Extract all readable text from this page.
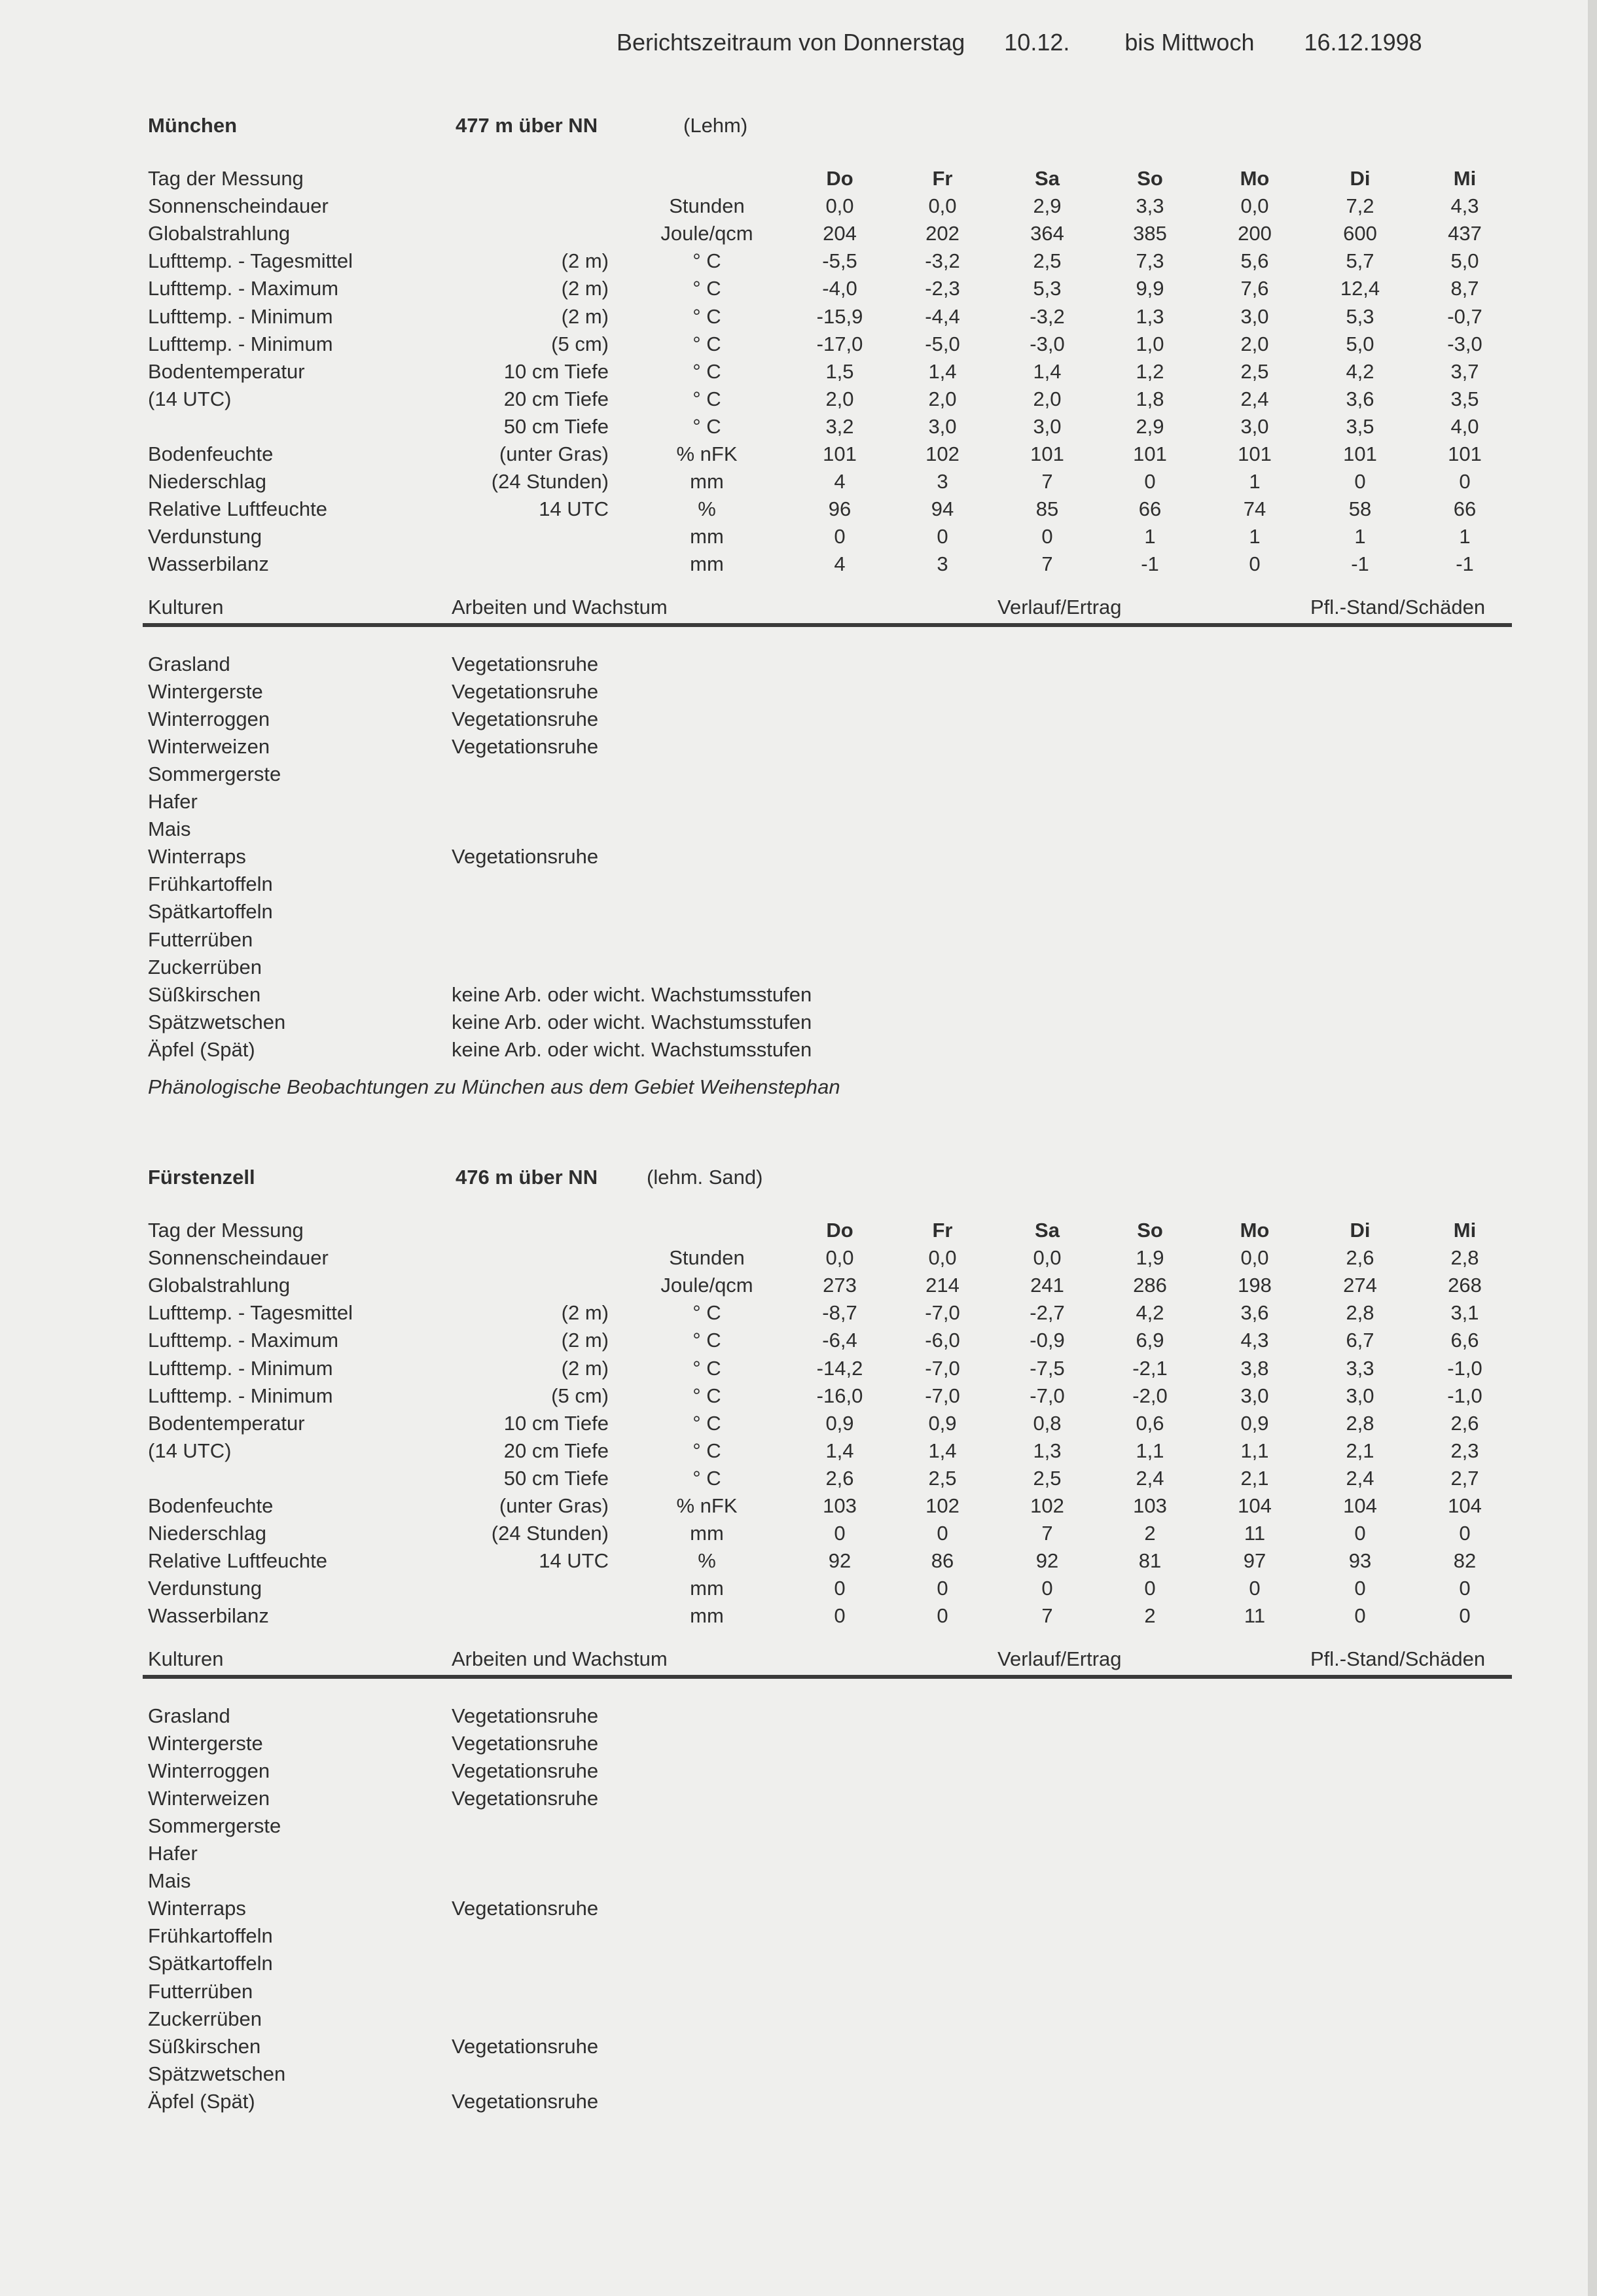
Berichtszeitraum von Donnerstag 10.12. bis Mittwoch 16.12.1998
München	477 m über NN	(Lehm)
Tag der Messung	Do	Fr	Sa	So	Mo	Di	Mi
Sonnenscheindauer	Stunden	0,0	0,0	2,9	3,3	0,0	7,2	4,3
Globalstrahlung	Joule/qcm	204	202	364	385	200	600	437
Lufttemp. - Tagesmittel	(2 m)	° C	-5,5	-3,2	2,5	7,3	5,6	5,7	5,0
Lufttemp. - Maximum	(2 m)	° C	-4,0	-2,3	5,3	9,9	7,6	12,4	8,7
Lufttemp. - Minimum	(2 m)	° C	-15,9	-4,4	-3,2	1,3	3,0	5,3	-0,7
Lufttemp. - Minimum	(5 cm)	° C	-17,0	-5,0	-3,0	1,0	2,0	5,0	-3,0
Bodentemperatur	10 cm Tiefe	° C	1,5	1,4	1,4	1,2	2,5	4,2	3,7
(14 UTC)	20 cm Tiefe	° C	2,0	2,0	2,0	1,8	2,4	3,6	3,5
50 cm Tiefe	° C	3,2	3,0	3,0	2,9	3,0	3,5	4,0
Bodenfeuchte	(unter Gras)	% nFK	101	102	101	101	101	101	101
Niederschlag	(24 Stunden)	mm	4	3	7	0	1	0	0
Relative Luftfeuchte	14 UTC	%	96	94	85	66	74	58	66
Verdunstung	mm	0	0	0	1	1	1	1
Wasserbilanz	mm	4	3	7	-1	0	-1	-1
Kulturen	Arbeiten und Wachstum	Verlauf/Ertrag	Pfl.-Stand/Schäden
Grasland	Vegetationsruhe
Wintergerste	Vegetationsruhe
Winterroggen	Vegetationsruhe
Winterweizen	Vegetationsruhe
Sommergerste
Hafer
Mais
Winterraps	Vegetationsruhe
Frühkartoffeln
Spätkartoffeln
Futterrüben
Zuckerrüben
Süßkirschen	keine Arb. oder wicht. Wachstumsstufen
Spätzwetschen	keine Arb. oder wicht. Wachstumsstufen
Äpfel (Spät)	keine Arb. oder wicht. Wachstumsstufen
Phänologische Beobachtungen zu München aus dem Gebiet Weihenstephan
Fürstenzell	476 m über NN (lehm. Sand)
Tag der Messung	Do	Fr	Sa	So	Mo	Di	Mi
Sonnenscheindauer	Stunden	0,0	0,0	0,0	1,9	0,0	2,6	2,8
Globalstrahlung	Joule/qcm	273	214	241	286	198	274	268
Lufttemp. - Tagesmittel	(2 m)	° C	-8,7	-7,0	-2,7	4,2	3,6	2,8	3,1
Lufttemp. - Maximum	(2 m)	° C	-6,4	-6,0	-0,9	6,9	4,3	6,7	6,6
Lufttemp. - Minimum	(2 m)	° C	-14,2	-7,0	-7,5	-2,1	3,8	3,3	-1,0
Lufttemp. - Minimum	(5 cm)	° C	-16,0	-7,0	-7,0	-2,0	3,0	3,0	-1,0
Bodentemperatur	10 cm Tiefe	° C	0,9	0,9	0,8	0,6	0,9	2,8	2,6
(14 UTC)	20 cm Tiefe	° C	1,4	1,4	1,3	1,1	1,1	2,1	2,3
50 cm Tiefe	° C	2,6	2,5	2,5	2,4	2,1	2,4	2,7
Bodenfeuchte	(unter Gras)	% nFK	103	102	102	103	104	104	104
Niederschlag	(24 Stunden)	mm	0	0	7	2	11	0	0
Relative Luftfeuchte	14 UTC	%	92	86	92	81	97	93	82
Verdunstung	mm	0	0	0	0	0	0	0
Wasserbilanz	mm	0	0	7	2	11	0	0
Kulturen	Arbeiten und Wachstum	Verlauf/Ertrag	Pfl.-Stand/Schäden
Grasland	Vegetationsruhe
Wintergerste	Vegetationsruhe
Winterroggen	Vegetationsruhe
Winterweizen	Vegetationsruhe
Sommergerste
Hafer
Mais
Winterraps	Vegetationsruhe
Frühkartoffeln
Spätkartoffeln
Futterrüben
Zuckerrüben
Süßkirschen	Vegetationsruhe
Spätzwetschen
Äpfel (Spät)	Vegetationsruhe
